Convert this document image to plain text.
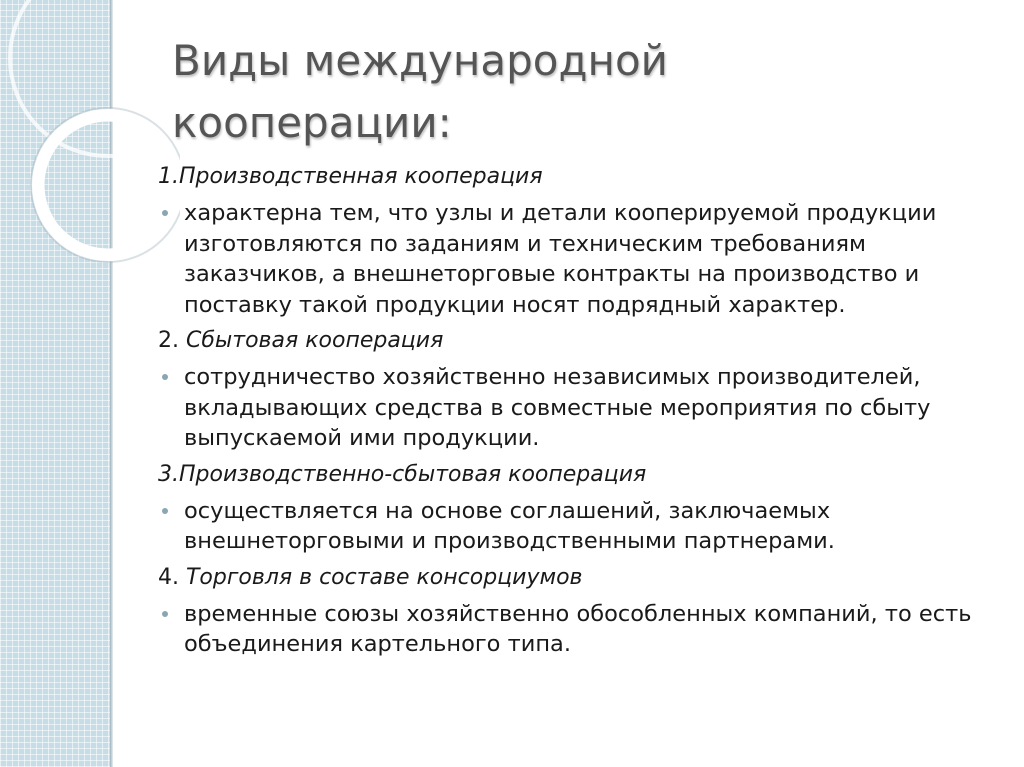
Виды международной
кооперации:
1.Производственная кооперация
характерна тем, что узлы и детали кооперируемой продукции изготовляются по заданиям и техническим требованиям заказчиков, а внешнеторговые контракты на производство и поставку такой продукции носят подрядный характер.
2. Сбытовая кооперация
сотрудничество хозяйственно независимых производителей, вкладывающих средства в совместные мероприятия по сбыту выпускаемой ими продукции.
3.Производственно-сбытовая кооперация
осуществляется на основе соглашений, заключаемых внешнеторговыми и производственными партнерами.
4. Торговля в составе консорциумов
временные союзы хозяйственно обособленных компаний, то есть объединения картельного типа.
